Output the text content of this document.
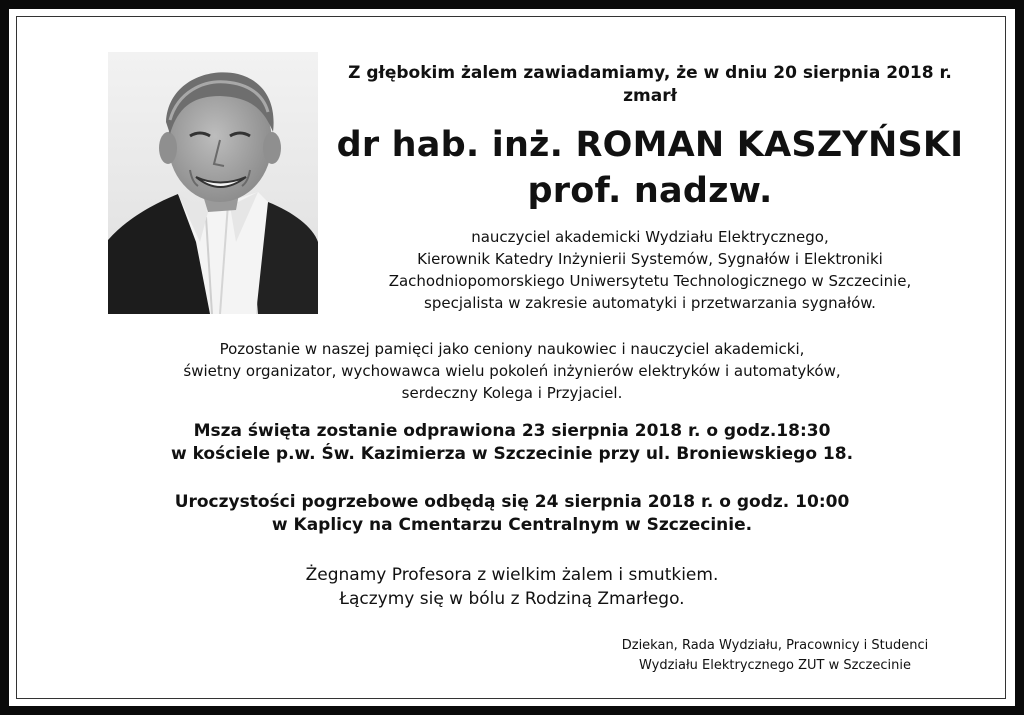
Z głębokim żalem zawiadamiamy, że w dniu 20 sierpnia 2018 r.
zmarł
dr hab. inż. ROMAN KASZYŃSKI
prof. nadzw.
nauczyciel akademicki Wydziału Elektrycznego,
Kierownik Katedry Inżynierii Systemów, Sygnałów i Elektroniki
Zachodniopomorskiego Uniwersytetu Technologicznego w Szczecinie,
specjalista w zakresie automatyki i przetwarzania sygnałów.
Pozostanie w naszej pamięci jako ceniony naukowiec i nauczyciel akademicki,
świetny organizator, wychowawca wielu pokoleń inżynierów elektryków i automatyków,
serdeczny Kolega i Przyjaciel.
Msza święta zostanie odprawiona 23 sierpnia 2018 r. o godz.18:30
w kościele p.w. Św. Kazimierza w Szczecinie przy ul. Broniewskiego 18.
Uroczystości pogrzebowe odbędą się 24 sierpnia 2018 r. o godz. 10:00
w Kaplicy na Cmentarzu Centralnym w Szczecinie.
Żegnamy Profesora z wielkim żalem i smutkiem.
Łączymy się w bólu z Rodziną Zmarłego.
Dziekan, Rada Wydziału, Pracownicy i Studenci
Wydziału Elektrycznego ZUT w Szczecinie
